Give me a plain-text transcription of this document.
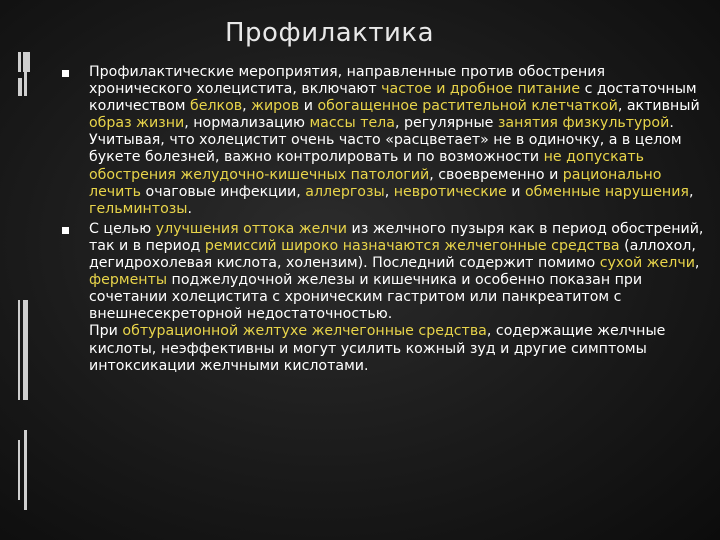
Профилактика
Профилактические мероприятия, направленные против обострения хронического холецистита, включают частое и дробное питание с достаточным количеством белков, жиров и обогащенное растительной клетчаткой, активный образ жизни, нормализацию массы тела, регулярные занятия физкультурой. Учитывая, что холецистит очень часто «расцветает» не в одиночку, а в целом букете болезней, важно контролировать и по возможности не допускать обострения желудочно-кишечных патологий, своевременно и рационально лечить очаговые инфекции, аллергозы, невротические и обменные нарушения, гельминтозы.
С целью улучшения оттока желчи из желчного пузыря как в период обострений, так и в период ремиссий широко назначаются желчегонные средства (аллохол, дегидрохолевая кислота, холензим). Последний содержит помимо сухой желчи, ферменты поджелудочной железы и кишечника и особенно показан при сочетании холецистита с хроническим гастритом или панкреатитом с внешнесекреторной недостаточностью.
При обтурационной желтухе желчегонные средства, содержащие желчные кислоты, неэффективны и могут усилить кожный зуд и другие симптомы интоксикации желчными кислотами.
